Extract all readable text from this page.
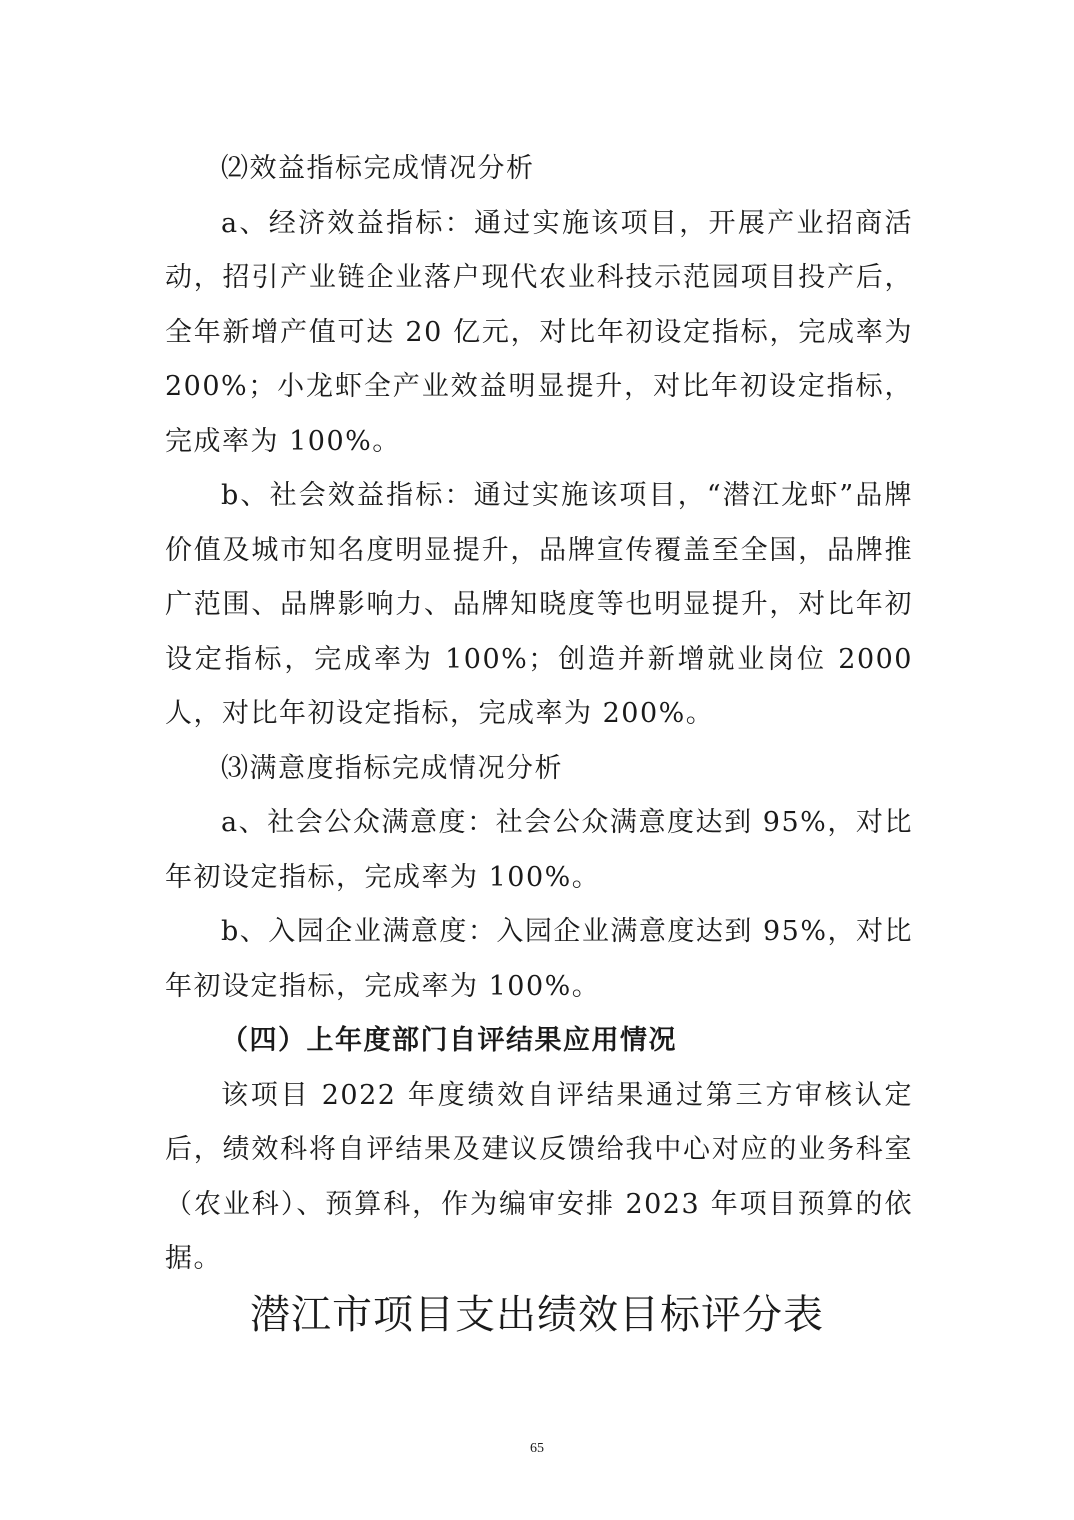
⑵效益指标完成情况分析

a、经济效益指标：通过实施该项目，开展产业招商活动，招引产业链企业落户现代农业科技示范园项目投产后，全年新增产值可达 20 亿元，对比年初设定指标，完成率为 200%；小龙虾全产业效益明显提升，对比年初设定指标，完成率为 100%。

b、社会效益指标：通过实施该项目，“潜江龙虾”品牌价值及城市知名度明显提升，品牌宣传覆盖至全国，品牌推广范围、品牌影响力、品牌知晓度等也明显提升，对比年初设定指标，完成率为 100%；创造并新增就业岗位 2000 人，对比年初设定指标，完成率为 200%。

⑶满意度指标完成情况分析

a、社会公众满意度：社会公众满意度达到 95%，对比年初设定指标，完成率为 100%。

b、入园企业满意度：入园企业满意度达到 95%，对比年初设定指标，完成率为 100%。

（四）上年度部门自评结果应用情况

该项目 2022 年度绩效自评结果通过第三方审核认定后，绩效科将自评结果及建议反馈给我中心对应的业务科室（农业科）、预算科，作为编审安排 2023 年项目预算的依据。

潜江市项目支出绩效目标评分表
65
